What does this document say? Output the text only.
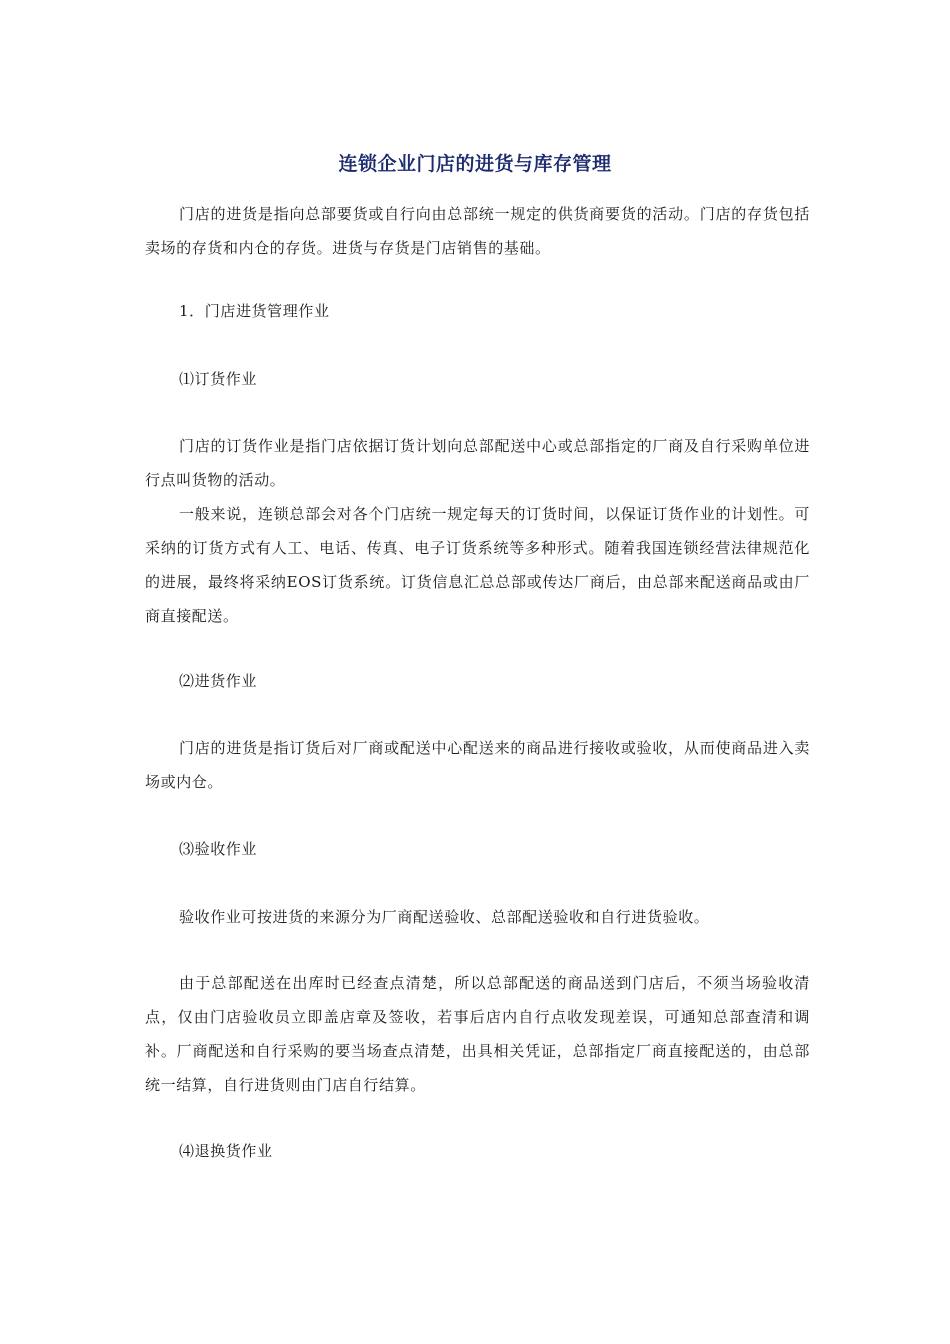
连锁企业门店的进货与库存管理
门店的进货是指向总部要货或自行向由总部统一规定的供货商要货的活动。门店的存货包括卖场的存货和内仓的存货。进货与存货是门店销售的基础。
1．门店进货管理作业
⑴订货作业
门店的订货作业是指门店依据订货计划向总部配送中心或总部指定的厂商及自行采购单位进行点叫货物的活动。
一般来说，连锁总部会对各个门店统一规定每天的订货时间，以保证订货作业的计划性。可采纳的订货方式有人工、电话、传真、电子订货系统等多种形式。随着我国连锁经营法律规范化的进展，最终将采纳EOS订货系统。订货信息汇总总部或传达厂商后，由总部来配送商品或由厂商直接配送。
⑵进货作业
门店的进货是指订货后对厂商或配送中心配送来的商品进行接收或验收，从而使商品进入卖场或内仓。
⑶验收作业
验收作业可按进货的来源分为厂商配送验收、总部配送验收和自行进货验收。
由于总部配送在出库时已经查点清楚，所以总部配送的商品送到门店后，不须当场验收清点，仅由门店验收员立即盖店章及签收，若事后店内自行点收发现差误，可通知总部查清和调补。厂商配送和自行采购的要当场查点清楚，出具相关凭证，总部指定厂商直接配送的，由总部统一结算，自行进货则由门店自行结算。
⑷退换货作业
